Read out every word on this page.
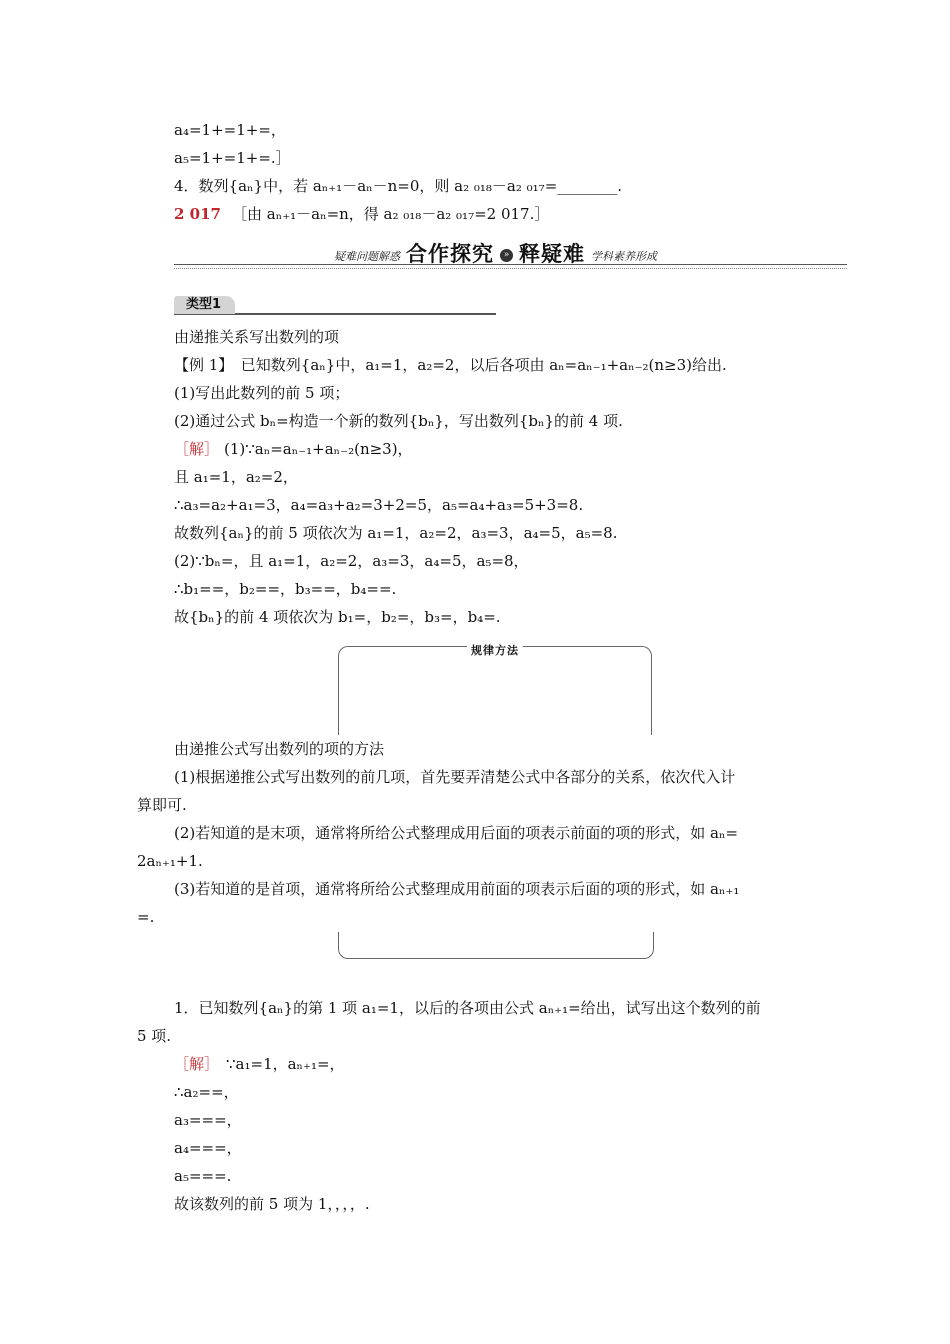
疑难问题解惑 合作探究	» 释疑难 学科素养形成
类型1
规律方法
a₄=1+=1+=，
a₅=1+=1+=.］
4．数列{aₙ}中，若 aₙ₊₁－aₙ－n=0，则 a₂ ₀₁₈－a₂ ₀₁₇=________.
2 017 ［由 aₙ₊₁－aₙ=n，得 a₂ ₀₁₈－a₂ ₀₁₇=2 017.］
由递推关系写出数列的项
【例 1】　已知数列{aₙ}中，a₁=1，a₂=2，以后各项由 aₙ=aₙ₋₁+aₙ₋₂(n≥3)给出.
(1)写出此数列的前 5 项；
(2)通过公式 bₙ=构造一个新的数列{bₙ}，写出数列{bₙ}的前 4 项.
［解］ (1)∵aₙ=aₙ₋₁+aₙ₋₂(n≥3)，
且 a₁=1，a₂=2，
∴a₃=a₂+a₁=3，a₄=a₃+a₂=3+2=5，a₅=a₄+a₃=5+3=8.
故数列{aₙ}的前 5 项依次为 a₁=1，a₂=2，a₃=3，a₄=5，a₅=8.
(2)∵bₙ=，且 a₁=1，a₂=2，a₃=3，a₄=5，a₅=8，
∴b₁==，b₂==，b₃==，b₄==.
故{bₙ}的前 4 项依次为 b₁=，b₂=，b₃=，b₄=.
由递推公式写出数列的项的方法
(1)根据递推公式写出数列的前几项，首先要弄清楚公式中各部分的关系，依次代入计
算即可.
(2)若知道的是末项，通常将所给公式整理成用后面的项表示前面的项的形式，如 aₙ=
2aₙ₊₁+1.
(3)若知道的是首项，通常将所给公式整理成用前面的项表示后面的项的形式，如 aₙ₊₁
=.
1．已知数列{aₙ}的第 1 项 a₁=1，以后的各项由公式 aₙ₊₁=给出，试写出这个数列的前
5 项.
［解］ ∵a₁=1，aₙ₊₁=，
∴a₂==，
a₃===，
a₄===，
a₅===.
故该数列的前 5 项为 1，，，，.
